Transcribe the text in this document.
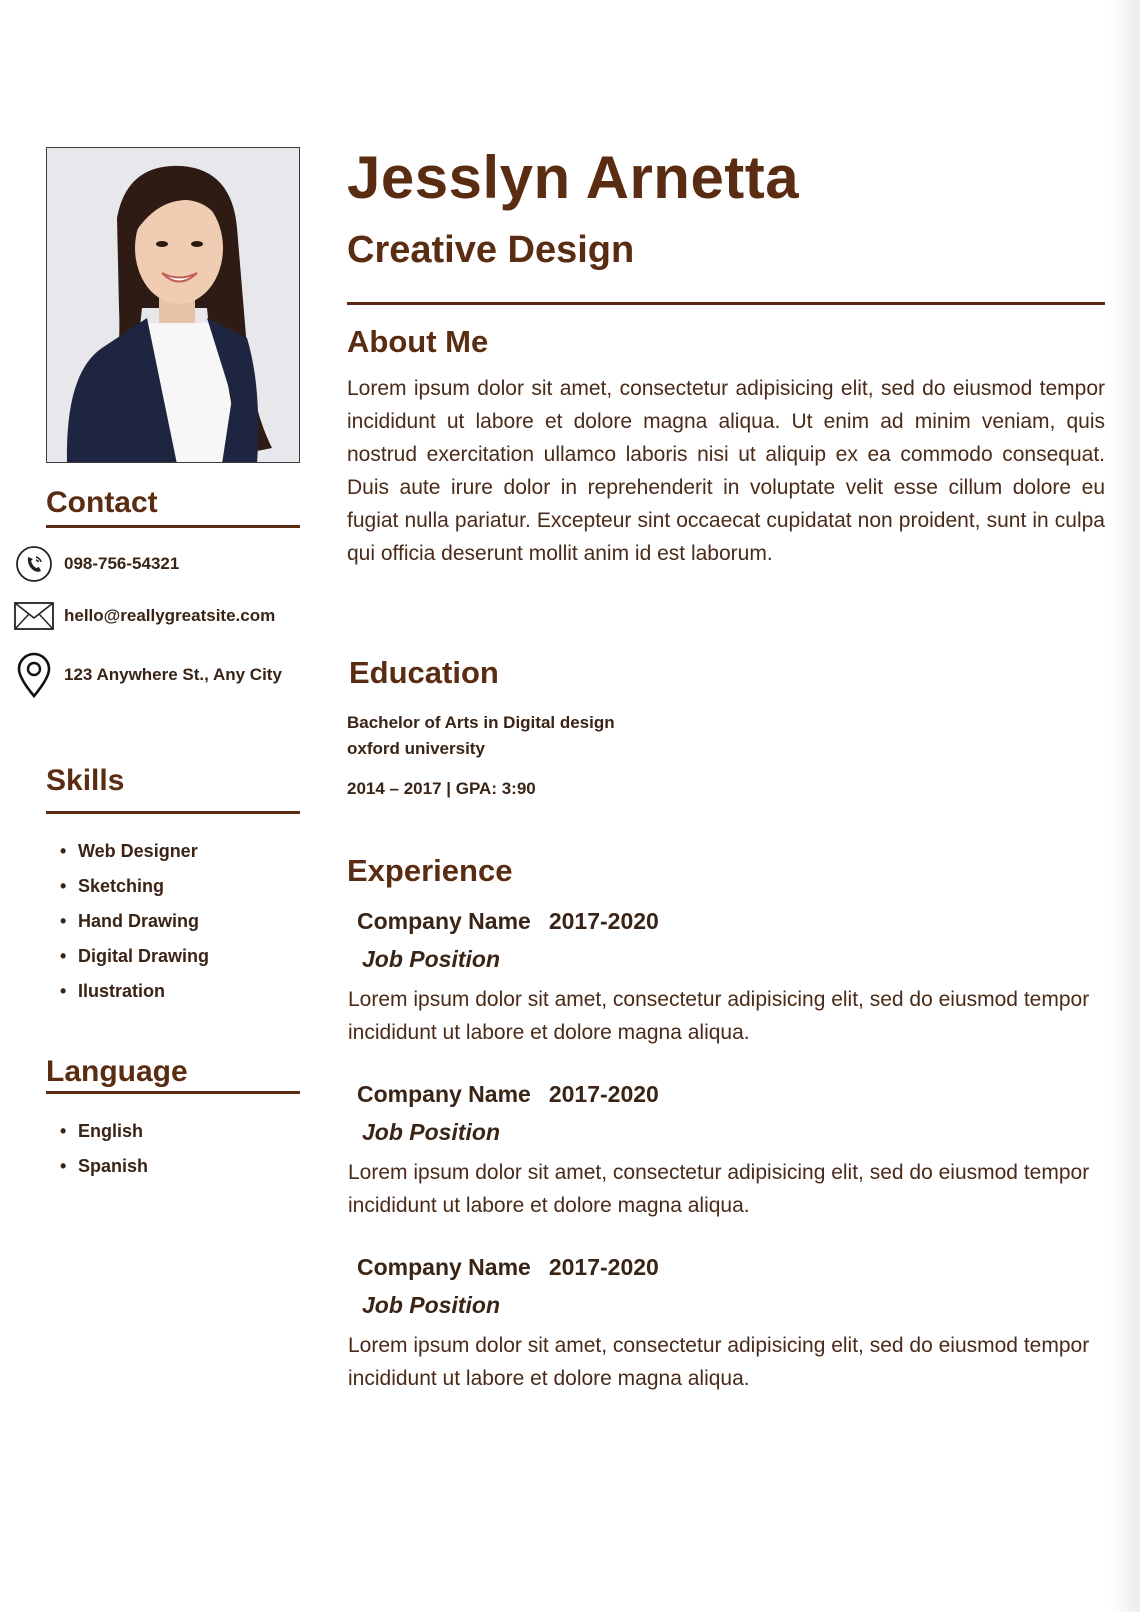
Contact
098-756-54321
hello@reallygreatsite.com
123 Anywhere St., Any City
Skills
• Web Designer
• Sketching
• Hand Drawing
• Digital Drawing
• Ilustration
Language
• English
• Spanish
Jesslyn Arnetta
Creative Design
About Me

Lorem ipsum dolor sit amet, consectetur adipisicing elit, sed do eiusmod tempor incididunt ut labore et dolore magna aliqua. Ut enim ad minim veniam, quis nostrud exercitation ullamco laboris nisi ut aliquip ex ea commodo consequat. Duis aute irure dolor in reprehenderit in voluptate velit esse cillum dolore eu fugiat nulla pariatur. Excepteur sint occaecat cupidatat non proident, sunt in culpa qui officia deserunt mollit anim id est laborum.

Education

Bachelor of Arts in Digital design

oxford university

2014 – 2017 | GPA: 3:90

Experience
Company Name 2017-2020
Job Position

Lorem ipsum dolor sit amet, consectetur adipisicing elit, sed do eiusmod tempor incididunt ut labore et dolore magna aliqua.

Company Name 2017-2020
Job Position

Lorem ipsum dolor sit amet, consectetur adipisicing elit, sed do eiusmod tempor incididunt ut labore et dolore magna aliqua.

Company Name 2017-2020
Job Position

Lorem ipsum dolor sit amet, consectetur adipisicing elit, sed do eiusmod tempor incididunt ut labore et dolore magna aliqua.
